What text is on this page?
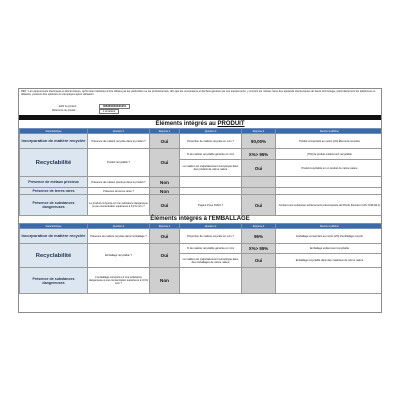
REP : Les équipements électriques et électroniques, qu'ils soient destinés à être utilisés par les particuliers ou les professionnels, afin que les composants et déchets générés par ces équipements, y compris les métaux rares des appareils électroniques de haute technologie, particulièrement les téléphones et tablettes, puissent être collectés et réemployés après utilisation.
EAN du produit :	3663000000001951
Référence du produit :	1 émetteur
Éléments intégrés au PRODUIT
Caractéristique	Question 1	Réponse 1	Question 2	Réponse 2	Mention à afficher
Incorporation de matière recyclée	Présence de matière recyclée dans le produit ?	Oui	Proportion de matière recyclée en m/m ?	90,00%	Produit comportant au moins [x%] Éléments recyclés
Recyclabilité	Produit recyclable ?	Oui	% de matière recyclable générée en m/m	X%> 95%	[X%] de produit entièrement recyclable
			La matière est majoritairement réemployée dans des produits de même nature	Oui	Produit recyclable en un produit de même nature
Présence de métaux précieux	Présence de métaux précieux dans le produit ?	Non			
Présence de terres rares	Présence de terres rares ?	Non			
Présence de substances dangereuses	Le produit comporte-t-il une substance dangereuse à une concentration supérieure à 0,1% m/m ?	Oui	S'agit-il d'une SVHC ?	Oui	Contient une substance extrêmement préoccupante de Plomb (Numéro CAS 7439-92-1)
Éléments intégrés à l'EMBALLAGE
Caractéristique	Question 1	Réponse 1	Question 2	Réponse 2	Mention à afficher
Incorporation de matière recyclée	Présence de matière recyclée dans l'emballage ?	Oui	Proportion de matière recyclée en m/m ?	95%	Emballage comportant au moins [x%] d'emballage recyclé
Recyclabilité	Emballage recyclable ?	Oui	% de matière recyclable générée en m/m	X%> 95%	Emballage entièrement recyclable
			La matière est majoritairement réemployée dans des emballages de même nature	Oui	Emballage recyclable dans des matériaux de même nature
Présence de substances dangereuses	L'emballage comporte-t-il une substance dangereuse à une concentration supérieure à 0,1% m/m ?	Non			
